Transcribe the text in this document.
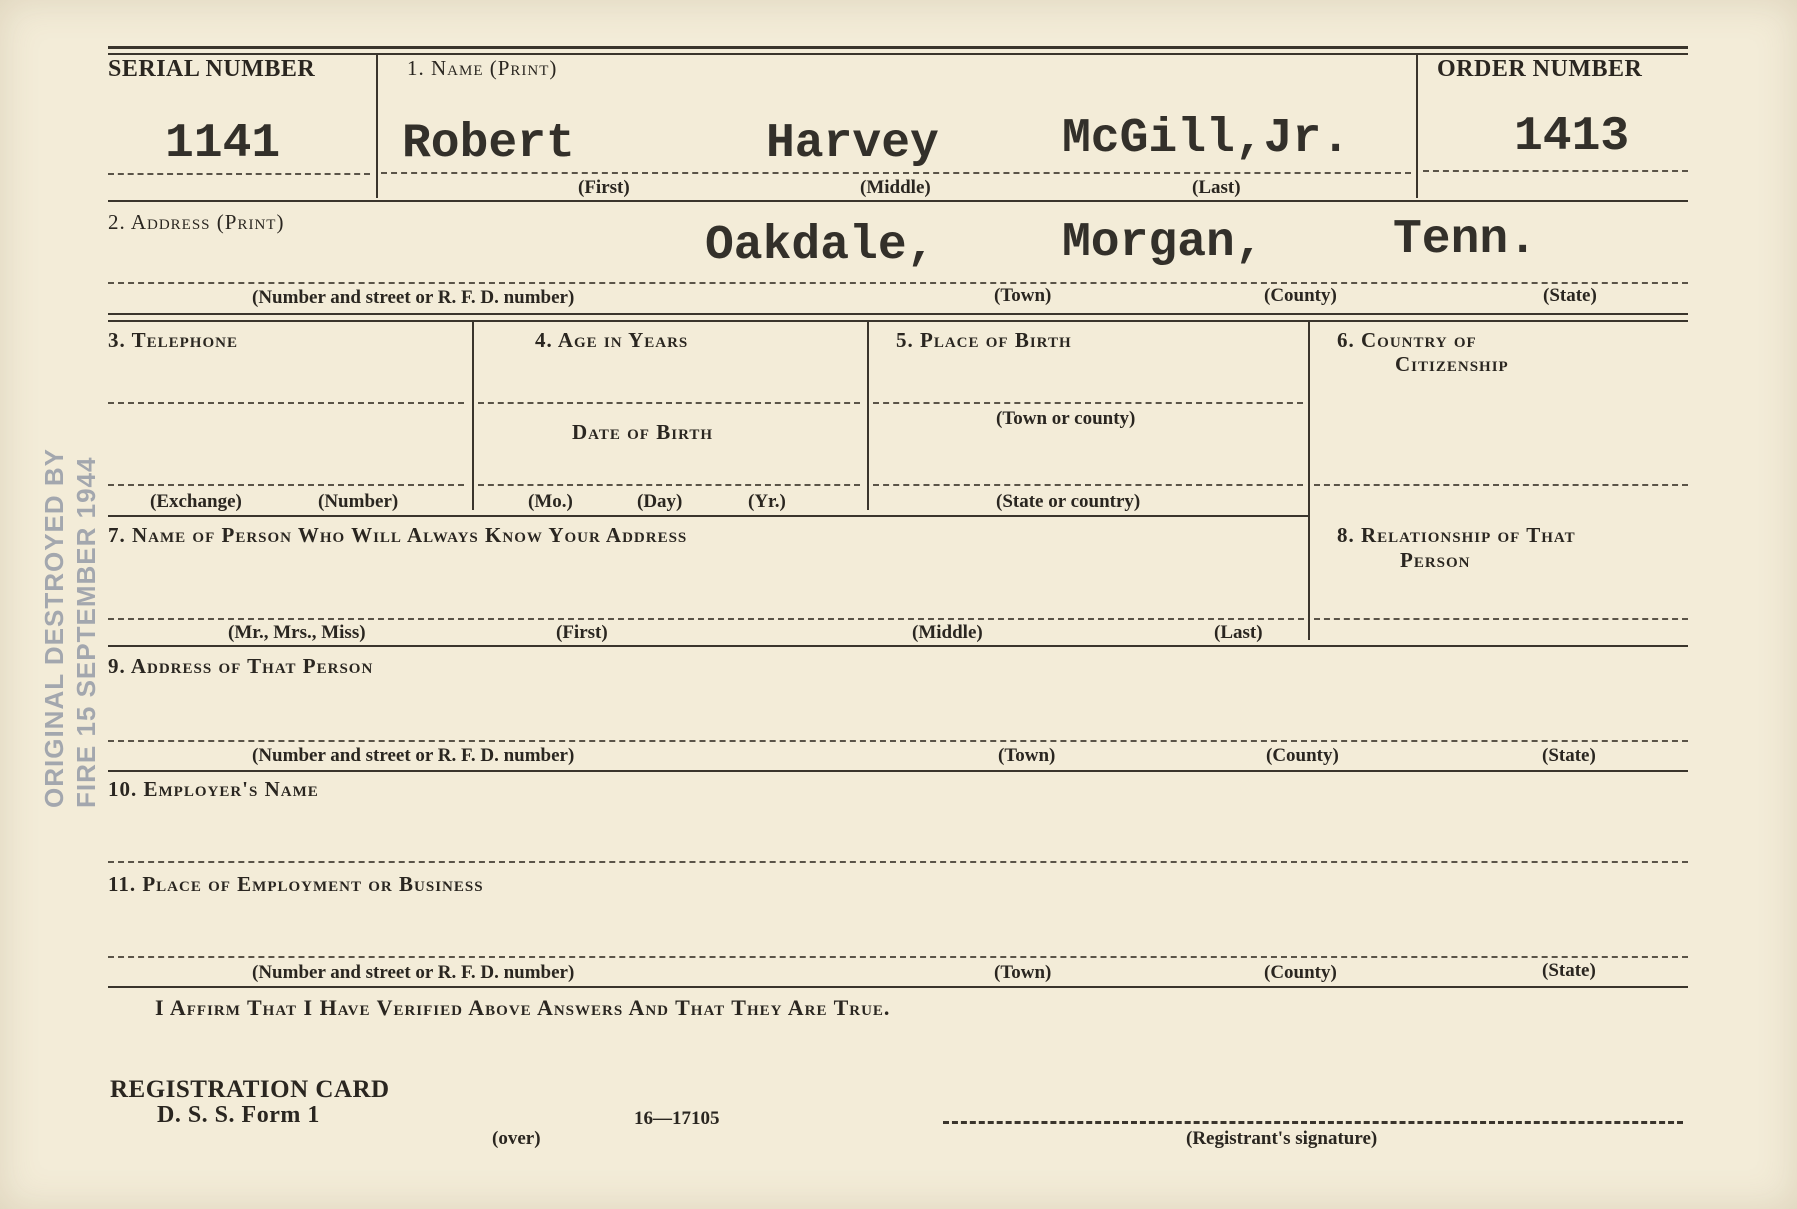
SERIAL NUMBER
1141
1. Name (Print)
Robert	Harvey	McGill,Jr.
(First)	(Middle)	(Last)
ORDER NUMBER
1413
2. Address (Print)	Oakdale,	Morgan,	Tenn.
(Number and street or R. F. D. number)	(Town)	(County)	(State)
3. Telephone	4. Age in Years	5. Place of Birth	6. Country of
Citizenship
Date of Birth
(Town or county)
(Exchange)	(Number)	(Mo.)	(Day)	(Yr.)	(State or country)
7. Name of Person Who Will Always Know Your Address	8. Relationship of That
Person
(Mr., Mrs., Miss)	(First)	(Middle)	(Last)
9. Address of That Person
(Number and street or R. F. D. number)	(Town)	(County)	(State)
10. Employer's Name
11. Place of Employment or Business
(Number and street or R. F. D. number)	(Town)	(County)	(State)
I Affirm That I Have Verified Above Answers And That They Are True.
REGISTRATION CARD
D. S. S. Form 1
(over)
16—17105
(Registrant's signature)
ORIGINAL DESTROYED BY FIRE 15 SEPTEMBER 1944
